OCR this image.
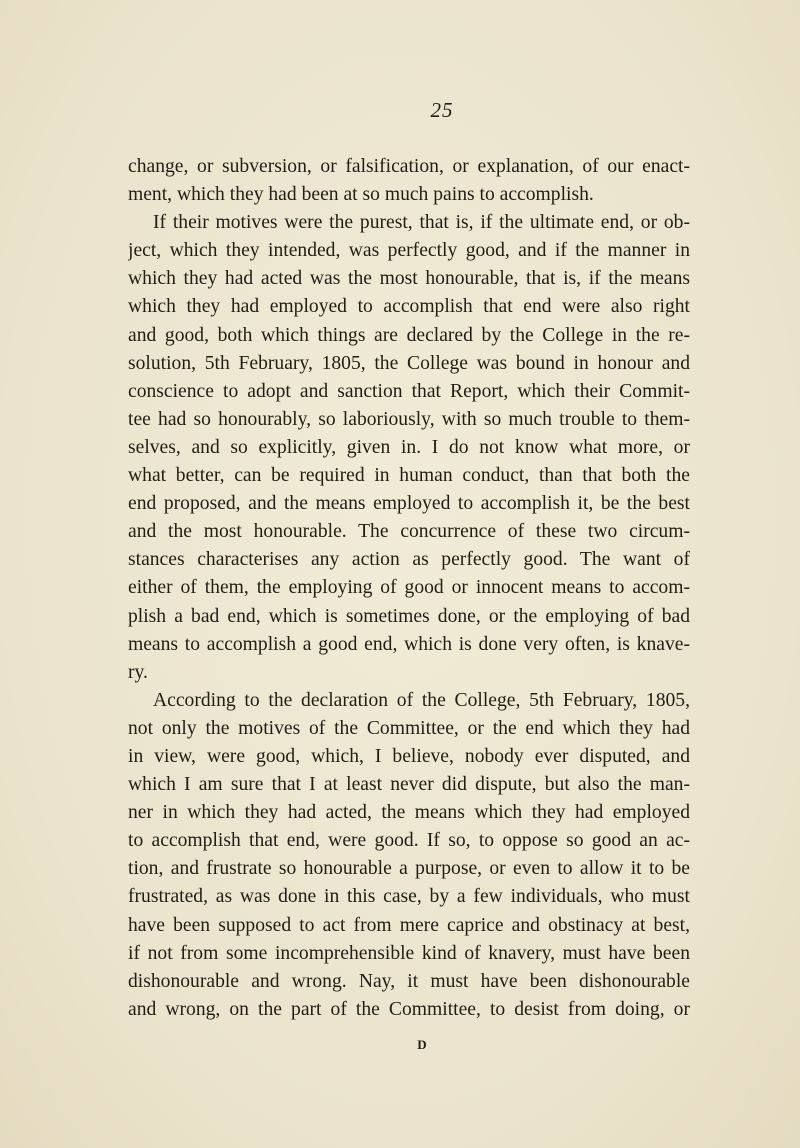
25
change, or subversion, or falsification, or explanation, of our enact-
ment, which they had been at so much pains to accomplish.
If their motives were the purest, that is, if the ultimate end, or ob-
ject, which they intended, was perfectly good, and if the manner in
which they had acted was the most honourable, that is, if the means
which they had employed to accomplish that end were also right
and good, both which things are declared by the College in the re-
solution, 5th February, 1805, the College was bound in honour and
conscience to adopt and sanction that Report, which their Commit-
tee had so honourably, so laboriously, with so much trouble to them-
selves, and so explicitly, given in. I do not know what more, or
what better, can be required in human conduct, than that both the
end proposed, and the means employed to accomplish it, be the best
and the most honourable. The concurrence of these two circum-
stances characterises any action as perfectly good. The want of
either of them, the employing of good or innocent means to accom-
plish a bad end, which is sometimes done, or the employing of bad
means to accomplish a good end, which is done very often, is knave-
ry.
According to the declaration of the College, 5th February, 1805,
not only the motives of the Committee, or the end which they had
in view, were good, which, I believe, nobody ever disputed, and
which I am sure that I at least never did dispute, but also the man-
ner in which they had acted, the means which they had employed
to accomplish that end, were good. If so, to oppose so good an ac-
tion, and frustrate so honourable a purpose, or even to allow it to be
frustrated, as was done in this case, by a few individuals, who must
have been supposed to act from mere caprice and obstinacy at best,
if not from some incomprehensible kind of knavery, must have been
dishonourable and wrong. Nay, it must have been dishonourable
and wrong, on the part of the Committee, to desist from doing, or
D
